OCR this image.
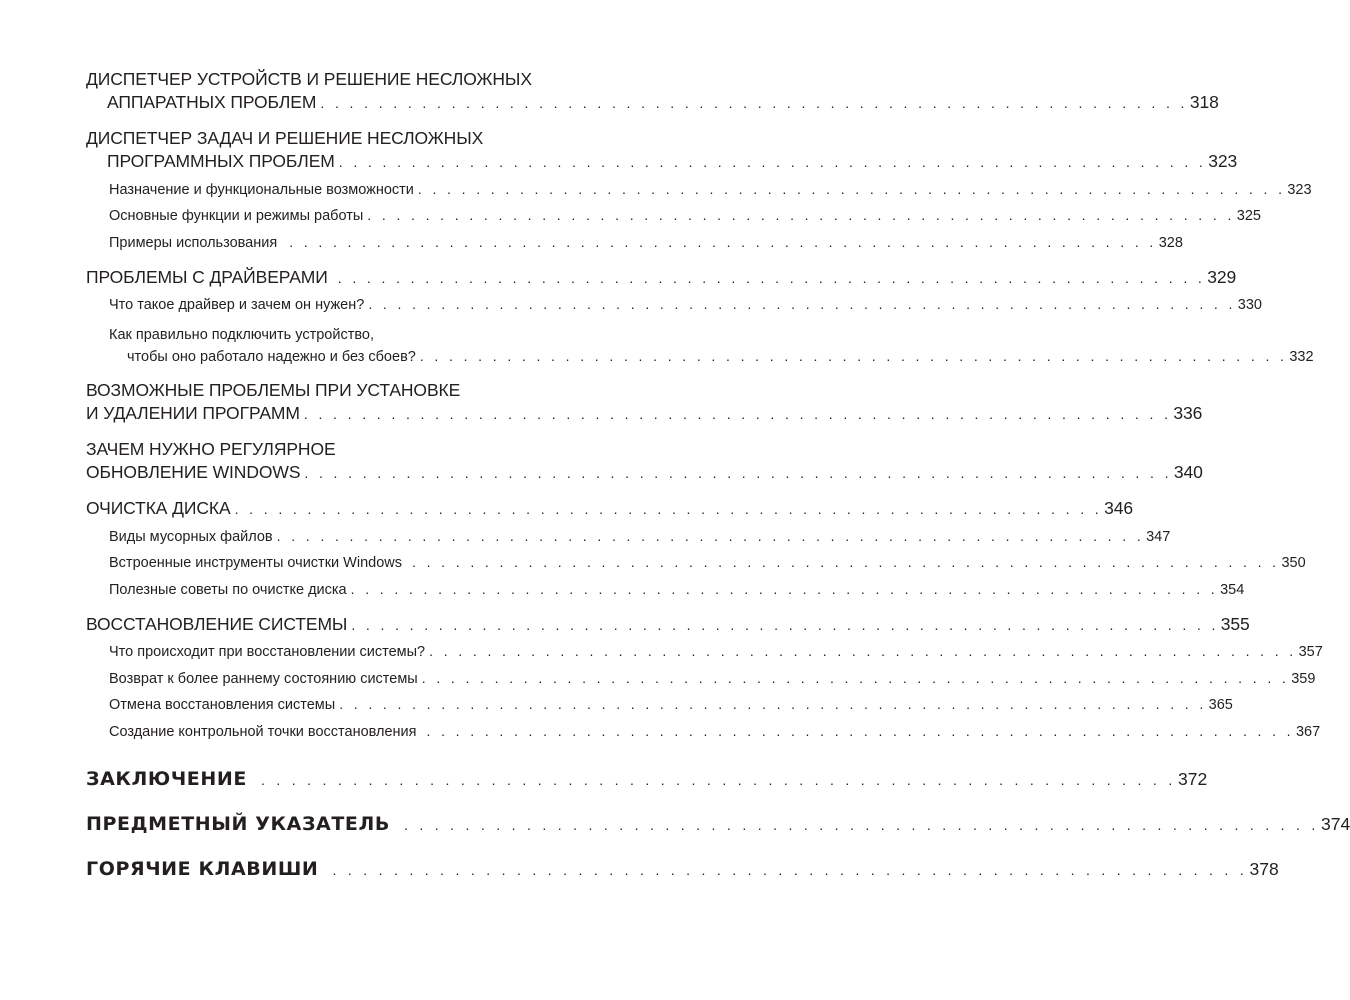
ДИСПЕТЧЕР УСТРОЙСТВ И РЕШЕНИЕ НЕСЛОЖНЫХ
АППАРАТНЫХ ПРОБЛЕМ . . . . . . . . . . . . . . . . . . . . . . . . . . . . . . . . . . . . . . . . . . . . . . . . . . . . . . . . . . . . 318
ДИСПЕТЧЕР ЗАДАЧ И РЕШЕНИЕ НЕСЛОЖНЫХ
ПРОГРАММНЫХ ПРОБЛЕМ . . . . . . . . . . . . . . . . . . . . . . . . . . . . . . . . . . . . . . . . . . . . . . . . . . . . . . . . . . . . 323
Назначение и функциональные возможности . . . . . . . . . . . . . . . . . . . . . . . . . . . . . . . . . . . . . . . . . . . . . . . . . . . . . . . . . . . . 323
Основные функции и режимы работы . . . . . . . . . . . . . . . . . . . . . . . . . . . . . . . . . . . . . . . . . . . . . . . . . . . . . . . . . . . . 325
Примеры использования . . . . . . . . . . . . . . . . . . . . . . . . . . . . . . . . . . . . . . . . . . . . . . . . . . . . . . . . . . . . 328
ПРОБЛЕМЫ С ДРАЙВЕРАМИ . . . . . . . . . . . . . . . . . . . . . . . . . . . . . . . . . . . . . . . . . . . . . . . . . . . . . . . . . . . . 329
Что такое драйвер и зачем он нужен? . . . . . . . . . . . . . . . . . . . . . . . . . . . . . . . . . . . . . . . . . . . . . . . . . . . . . . . . . . . . 330
Как правильно подключить устройство,
чтобы оно работало надежно и без сбоев? . . . . . . . . . . . . . . . . . . . . . . . . . . . . . . . . . . . . . . . . . . . . . . . . . . . . . . . . . . . . 332
ВОЗМОЖНЫЕ ПРОБЛЕМЫ ПРИ УСТАНОВКЕ
И УДАЛЕНИИ ПРОГРАММ . . . . . . . . . . . . . . . . . . . . . . . . . . . . . . . . . . . . . . . . . . . . . . . . . . . . . . . . . . . . 336
ЗАЧЕМ НУЖНО РЕГУЛЯРНОЕ
ОБНОВЛЕНИЕ WINDOWS . . . . . . . . . . . . . . . . . . . . . . . . . . . . . . . . . . . . . . . . . . . . . . . . . . . . . . . . . . . . 340
ОЧИСТКА ДИСКА . . . . . . . . . . . . . . . . . . . . . . . . . . . . . . . . . . . . . . . . . . . . . . . . . . . . . . . . . . . . 346
Виды мусорных файлов . . . . . . . . . . . . . . . . . . . . . . . . . . . . . . . . . . . . . . . . . . . . . . . . . . . . . . . . . . . . 347
Встроенные инструменты очистки Windows . . . . . . . . . . . . . . . . . . . . . . . . . . . . . . . . . . . . . . . . . . . . . . . . . . . . . . . . . . . . 350
Полезные советы по очистке диска . . . . . . . . . . . . . . . . . . . . . . . . . . . . . . . . . . . . . . . . . . . . . . . . . . . . . . . . . . . . 354
ВОССТАНОВЛЕНИЕ СИСТЕМЫ . . . . . . . . . . . . . . . . . . . . . . . . . . . . . . . . . . . . . . . . . . . . . . . . . . . . . . . . . . . . 355
Что происходит при восстановлении системы? . . . . . . . . . . . . . . . . . . . . . . . . . . . . . . . . . . . . . . . . . . . . . . . . . . . . . . . . . . . . 357
Возврат к более раннему состоянию системы . . . . . . . . . . . . . . . . . . . . . . . . . . . . . . . . . . . . . . . . . . . . . . . . . . . . . . . . . . . . 359
Отмена восстановления системы . . . . . . . . . . . . . . . . . . . . . . . . . . . . . . . . . . . . . . . . . . . . . . . . . . . . . . . . . . . . 365
Создание контрольной точки восстановления . . . . . . . . . . . . . . . . . . . . . . . . . . . . . . . . . . . . . . . . . . . . . . . . . . . . . . . . . . . . 367
ЗАКЛЮЧЕНИЕ	. . . . . . . . . . . . . . . . . . . . . . . . . . . . . . . . . . . . . . . . . . . . . . . . . . . . . . . . . . . . 372
ПРЕДМЕТНЫЙ УКАЗАТЕЛЬ	. . . . . . . . . . . . . . . . . . . . . . . . . . . . . . . . . . . . . . . . . . . . . . . . . . . . . . . . . . . . 374
ГОРЯЧИЕ КЛАВИШИ	. . . . . . . . . . . . . . . . . . . . . . . . . . . . . . . . . . . . . . . . . . . . . . . . . . . . . . . . . . . . 378
